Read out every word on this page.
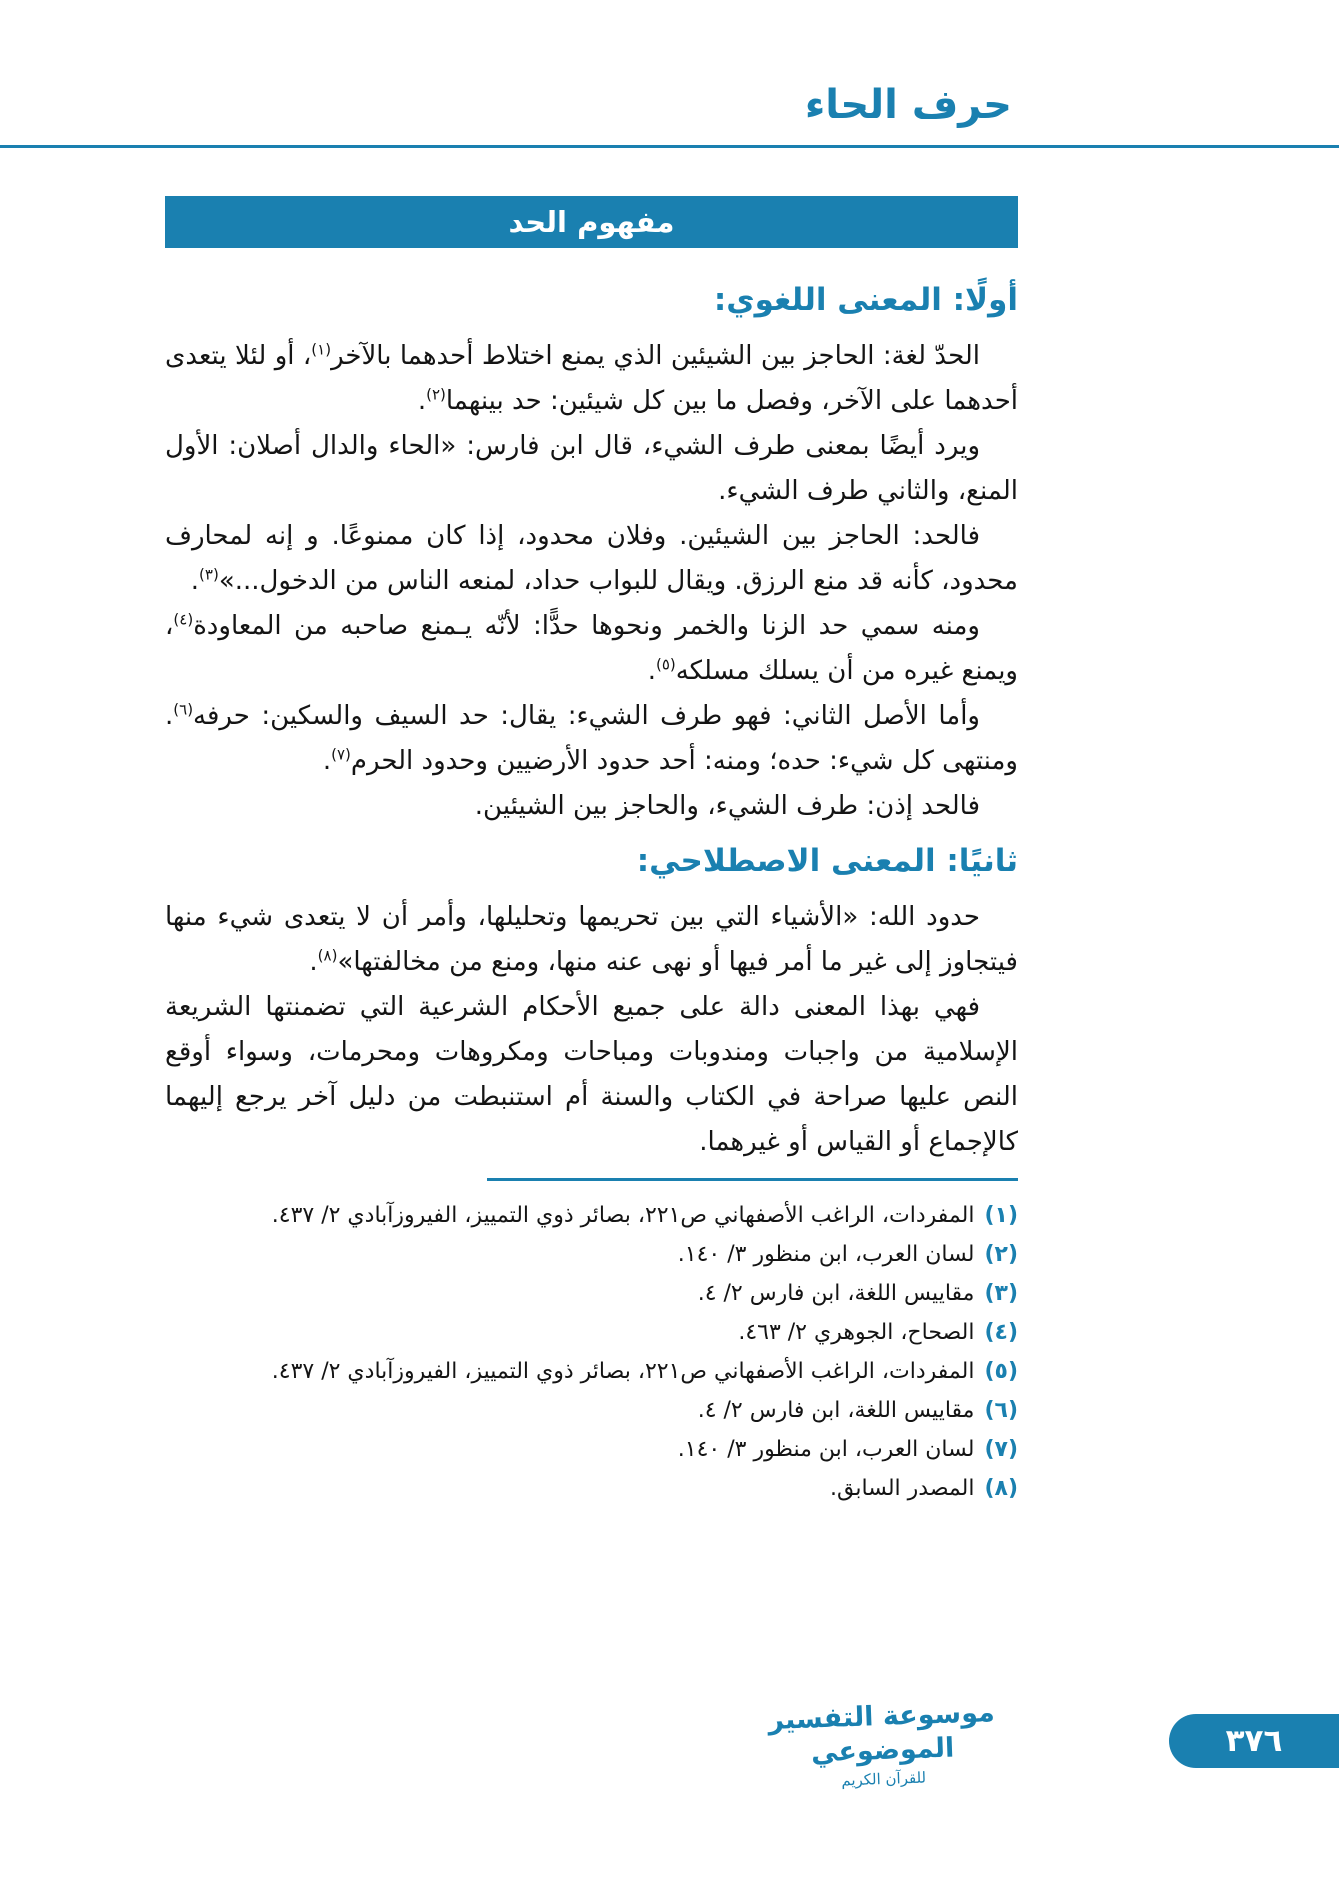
حرف الحاء
مفهوم الحد
أولًا: المعنى اللغوي:

الحدّ لغة: الحاجز بين الشيئين الذي يمنع اختلاط أحدهما بالآخر$^{(١)}$، أو لئلا يتعدى أحدهما على الآخر، وفصل ما بين كل شيئين: حد بينهما$^{(٢)}$.

ويرد أيضًا بمعنى طرف الشيء، قال ابن فارس: «الحاء والدال أصلان: الأول المنع، والثاني طرف الشيء.

فالحد: الحاجز بين الشيئين. وفلان محدود، إذا كان ممنوعًا. و إنه لمحارف محدود، كأنه قد منع الرزق. ويقال للبواب حداد، لمنعه الناس من الدخول...»$^{(٣)}$.

ومنه سمي حد الزنا والخمر ونحوها حدًّا: لأنّه يـمنع صاحبه من المعاودة$^{(٤)}$، ويمنع غيره من أن يسلك مسلكه$^{(٥)}$.

وأما الأصل الثاني: فهو طرف الشيء: يقال: حد السيف والسكين: حرفه$^{(٦)}$. ومنتهى كل شيء: حده؛ ومنه: أحد حدود الأرضيين وحدود الحرم$^{(٧)}$.

فالحد إذن: طرف الشيء، والحاجز بين الشيئين.

ثانيًا: المعنى الاصطلاحي:

حدود الله: «الأشياء التي بين تحريمها وتحليلها، وأمر أن لا يتعدى شيء منها فيتجاوز إلى غير ما أمر فيها أو نهى عنه منها، ومنع من مخالفتها»$^{(٨)}$.

فهي بهذا المعنى دالة على جميع الأحكام الشرعية التي تضمنتها الشريعة الإسلامية من واجبات ومندوبات ومباحات ومكروهات ومحرمات، وسواء أوقع النص عليها صراحة في الكتاب والسنة أم استنبطت من دليل آخر يرجع إليهما كالإجماع أو القياس أو غيرهما.

(١)المفردات، الراغب الأصفهاني ص٢٢١، بصائر ذوي التمييز، الفيروزآبادي ٢/ ٤٣٧.
(٢)لسان العرب، ابن منظور ٣/ ١٤٠.
(٣)مقاييس اللغة، ابن فارس ٢/ ٤.
(٤)الصحاح، الجوهري ٢/ ٤٦٣.
(٥)المفردات، الراغب الأصفهاني ص٢٢١، بصائر ذوي التمييز، الفيروزآبادي ٢/ ٤٣٧.
(٦)مقاييس اللغة، ابن فارس ٢/ ٤.
(٧)لسان العرب، ابن منظور ٣/ ١٤٠.
(٨)المصدر السابق.
موسوعة التفسير الموضوعي
للقرآن الكريم
٣٧٦
